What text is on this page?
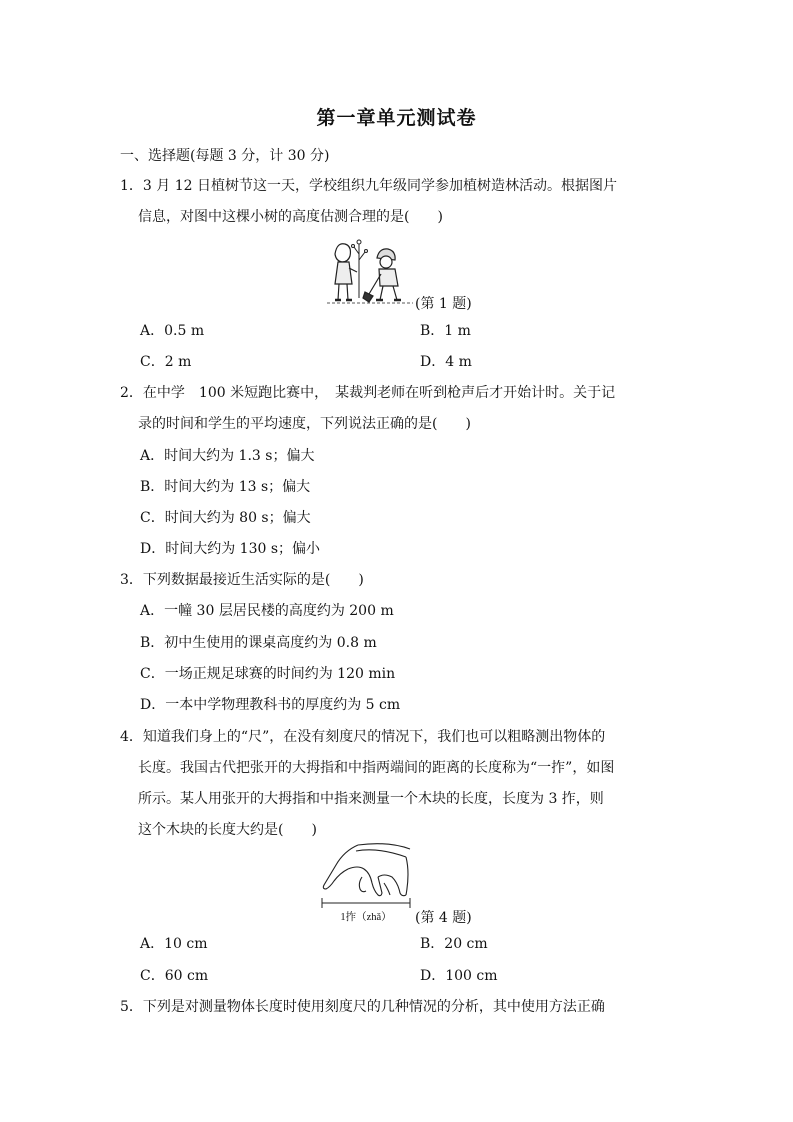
第一章单元测试卷
一、选择题(每题 3 分，计 30 分)
1．3 月 12 日植树节这一天，学校组织九年级同学参加植树造林活动。根据图片
信息，对图中这棵小树的高度估测合理的是(　　)
(第 1 题)
A．0.5 m	B．1 m
C．2 m	D．4 m
2．在中学　100 米短跑比赛中，　某裁判老师在听到枪声后才开始计时。关于记
录的时间和学生的平均速度，下列说法正确的是(　　)
A．时间大约为 1.3 s；偏大
B．时间大约为 13 s；偏大
C．时间大约为 80 s；偏大
D．时间大约为 130 s；偏小
3．下列数据最接近生活实际的是(　　)
A．一幢 30 层居民楼的高度约为 200 m
B．初中生使用的课桌高度约为 0.8 m
C．一场正规足球赛的时间约为 120 min
D．一本中学物理教科书的厚度约为 5 cm
4．知道我们身上的“尺”，在没有刻度尺的情况下，我们也可以粗略测出物体的
长度。我国古代把张开的大拇指和中指两端间的距离的长度称为“一拃”，如图
所示。某人用张开的大拇指和中指来测量一个木块的长度，长度为 3 拃，则
这个木块的长度大约是(　　)
1拃（zhǎ） (第 4 题)
A．10 cm	B．20 cm
C．60 cm	D．100 cm
5．下列是对测量物体长度时使用刻度尺的几种情况的分析，其中使用方法正确
